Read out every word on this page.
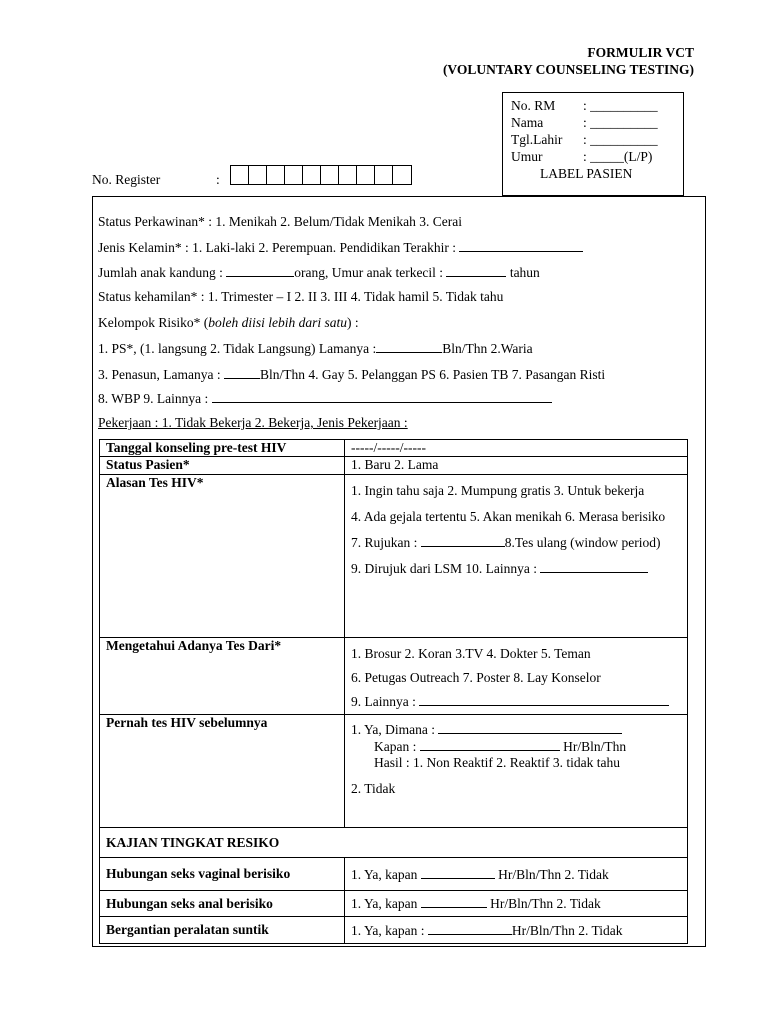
FORMULIR VCT
(VOLUNTARY COUNSELING TESTING)
No. RM : __________
Nama	: __________
Tgl.Lahir : __________
Umur	: _____(L/P)
LABEL PASIEN
No. Register	:
Status Perkawinan* : 1. Menikah 2. Belum/Tidak Menikah 3. Cerai
Jenis Kelamin* : 1. Laki-laki 2. Perempuan. Pendidikan Terakhir :
Jumlah anak kandung :	orang, Umur anak terkecil :	tahun
Status kehamilan* : 1. Trimester – I 2. II 3. III 4. Tidak hamil 5. Tidak tahu
Kelompok Risiko* (boleh diisi lebih dari satu) :
1. PS*, (1. langsung 2. Tidak Langsung) Lamanya :	Bln/Thn 2.Waria
3. Penasun, Lamanya :	Bln/Thn 4. Gay 5. Pelanggan PS 6. Pasien TB 7. Pasangan Risti
8. WBP 9. Lainnya :
Pekerjaan : 1. Tidak Bekerja 2. Bekerja, Jenis Pekerjaan :
Tanggal konseling pre-test HIV	-----/-----/-----
Status Pasien*	1. Baru 2. Lama
Alasan Tes HIV*	1. Ingin tahu saja 2. Mumpung gratis 3. Untuk bekerja

4. Ada gejala tertentu 5. Akan menikah 6. Merasa berisiko

7. Rujukan : 8.Tes ulang (window period)

9. Dirujuk dari LSM 10. Lainnya :

Mengetahui Adanya Tes Dari*	1. Brosur 2. Koran 3.TV 4. Dokter 5. Teman

6. Petugas Outreach 7. Poster 8. Lay Konselor

9. Lainnya :

Pernah tes HIV sebelumnya	1. Ya, Dimana :

Kapan : Hr/Bln/Thn

Hasil : 1. Non Reaktif 2. Reaktif 3. tidak tahu

2. Tidak

KAJIAN TINGKAT RESIKO	
Hubungan seks vaginal berisiko	1. Ya, kapan Hr/Bln/Thn 2. Tidak
Hubungan seks anal berisiko	1. Ya, kapan Hr/Bln/Thn 2. Tidak
Bergantian peralatan suntik	1. Ya, kapan : Hr/Bln/Thn 2. Tidak
